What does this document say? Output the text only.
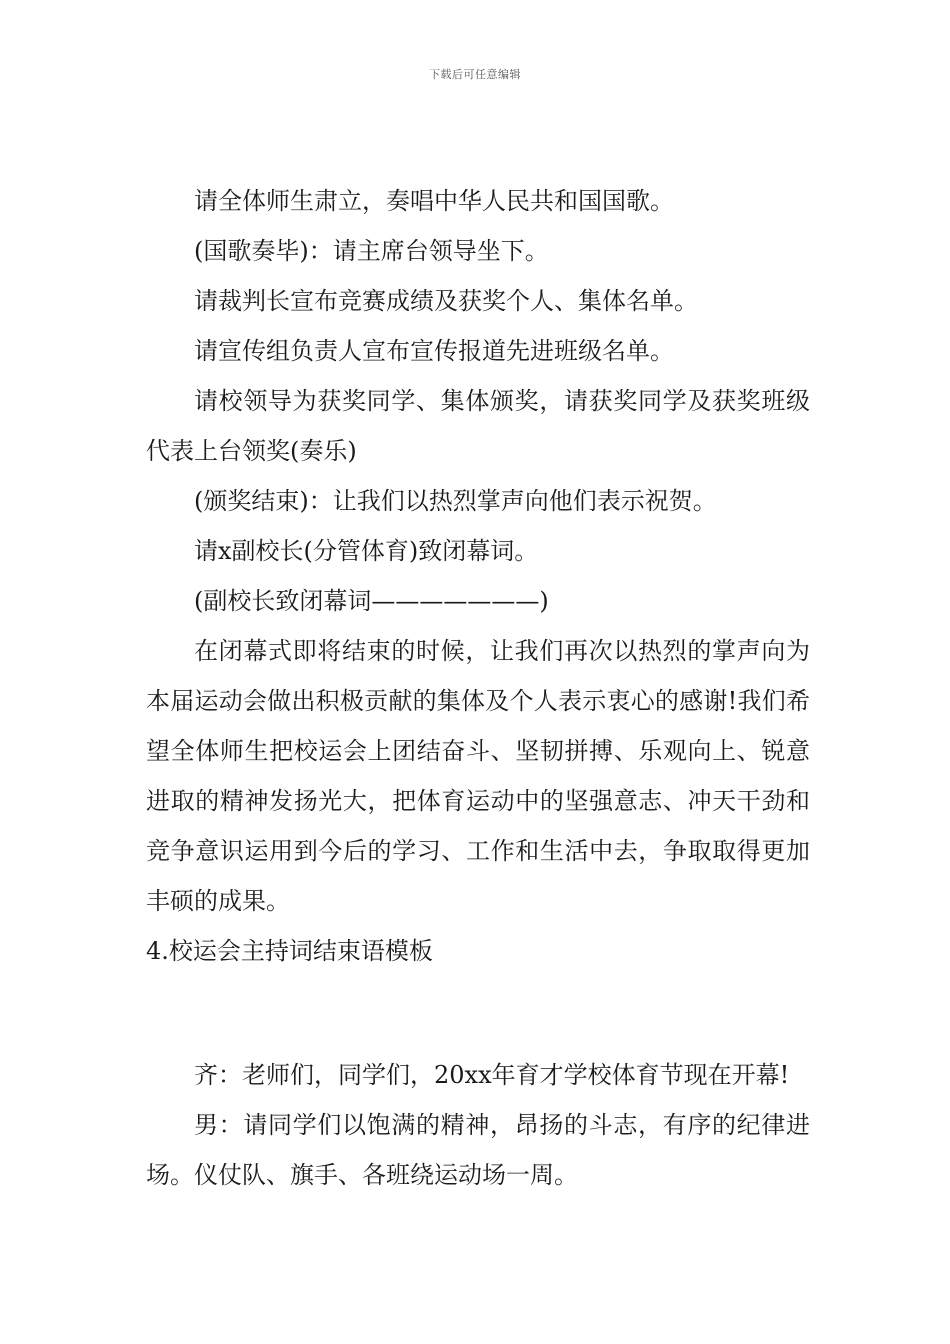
下载后可任意编辑

请全体师生肃立，奏唱中华人民共和国国歌。

(国歌奏毕)：请主席台领导坐下。

请裁判长宣布竞赛成绩及获奖个人、集体名单。

请宣传组负责人宣布宣传报道先进班级名单。

请校领导为获奖同学、集体颁奖，请获奖同学及获奖班级代表上台领奖(奏乐)

(颁奖结束)：让我们以热烈掌声向他们表示祝贺。

请x副校长(分管体育)致闭幕词。

(副校长致闭幕词———————)

在闭幕式即将结束的时候，让我们再次以热烈的掌声向为本届运动会做出积极贡献的集体及个人表示衷心的感谢!我们希望全体师生把校运会上团结奋斗、坚韧拼搏、乐观向上、锐意进取的精神发扬光大，把体育运动中的坚强意志、冲天干劲和竞争意识运用到今后的学习、工作和生活中去，争取取得更加丰硕的成果。

4.校运会主持词结束语模板

齐：老师们，同学们，20xx年育才学校体育节现在开幕!

男：请同学们以饱满的精神，昂扬的斗志，有序的纪律进场。仪仗队、旗手、各班绕运动场一周。
